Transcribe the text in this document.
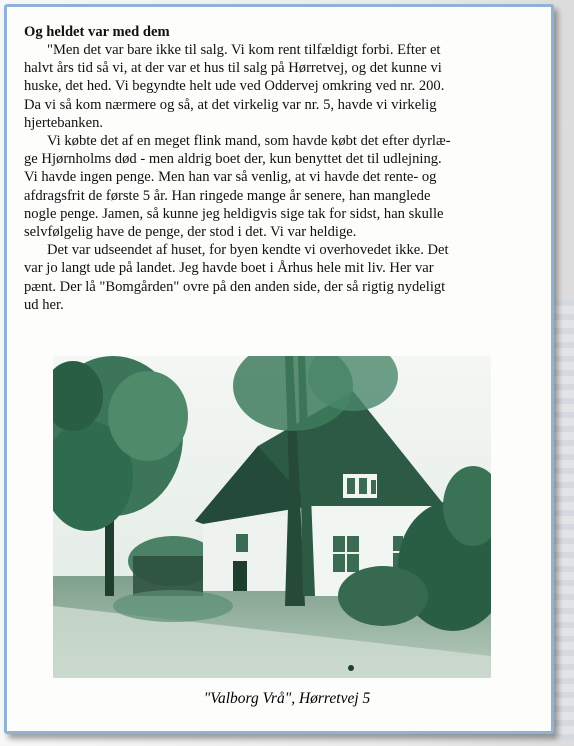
Og heldet var med dem

"Men det var bare ikke til salg. Vi kom rent tilfældigt forbi. Efter et
halvt års tid så vi, at der var et hus til salg på Hørretvej, og det kunne vi
huske, det hed. Vi begyndte helt ude ved Oddervej omkring ved nr. 200.
Da vi så kom nærmere og så, at det virkelig var nr. 5, havde vi virkelig
hjertebanken.

Vi købte det af en meget flink mand, som havde købt det efter dyrlæ-
ge Hjørnholms død - men aldrig boet der, kun benyttet det til udlejning.
Vi havde ingen penge. Men han var så venlig, at vi havde det rente- og
afdragsfrit de første 5 år. Han ringede mange år senere, han manglede
nogle penge. Jamen, så kunne jeg heldigvis sige tak for sidst, han skulle
selvfølgelig have de penge, der stod i det. Vi var heldige.

Det var udseendet af huset, for byen kendte vi overhovedet ikke. Det
var jo langt ude på landet. Jeg havde boet i Århus hele mit liv. Her var
pænt. Der lå "Bomgården" ovre på den anden side, der så rigtig nydeligt
ud her.

"Valborg Vrå", Hørretvej 5
